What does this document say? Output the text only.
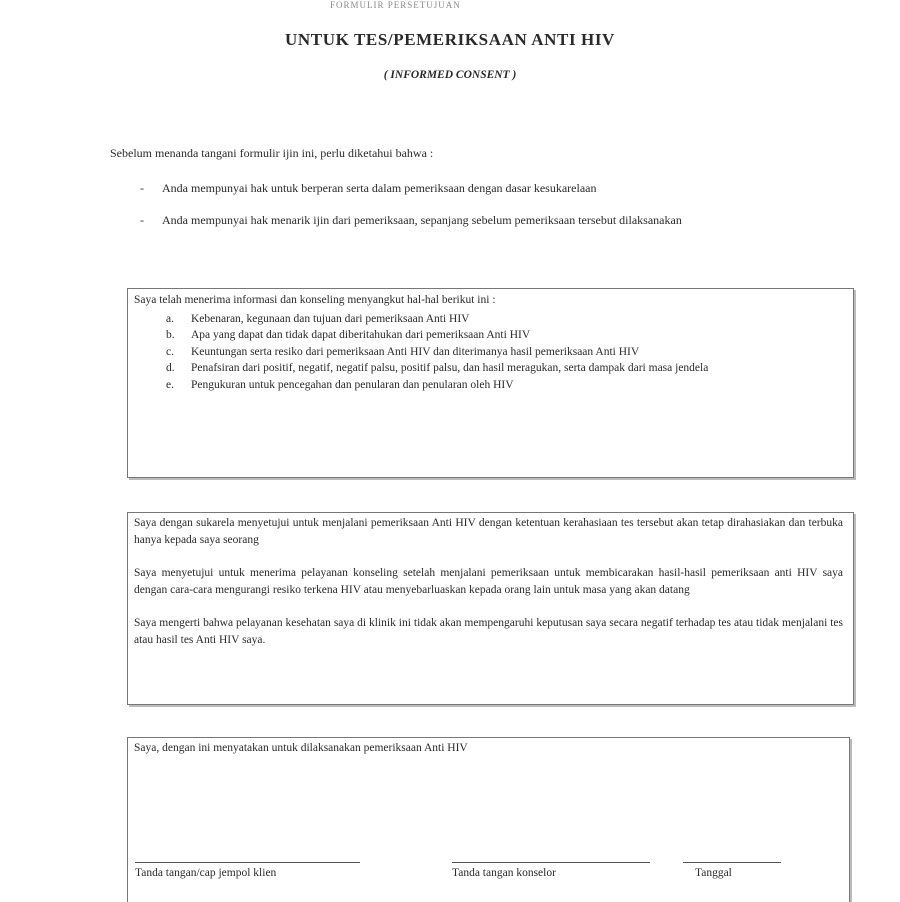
FORMULIR PERSETUJUAN
UNTUK TES/PEMERIKSAAN ANTI HIV
( INFORMED CONSENT )
Sebelum menanda tangani formulir ijin ini, perlu diketahui bahwa :
-	Anda mempunyai hak untuk berperan serta dalam pemeriksaan dengan dasar kesukarelaan
-	Anda mempunyai hak menarik ijin dari pemeriksaan, sepanjang sebelum pemeriksaan tersebut dilaksanakan
Saya telah menerima informasi dan konseling menyangkut hal-hal berikut ini :
a.	Kebenaran, kegunaan dan tujuan dari pemeriksaan Anti HIV
b.	Apa yang dapat dan tidak dapat diberitahukan dari pemeriksaan Anti HIV
c.	Keuntungan serta resiko dari pemeriksaan Anti HIV dan diterimanya hasil pemeriksaan Anti HIV
d.	Penafsiran dari positif, negatif, negatif palsu, positif palsu, dan hasil meragukan, serta dampak dari masa jendela
e.	Pengukuran untuk pencegahan dan penularan dan penularan oleh HIV

Saya dengan sukarela menyetujui untuk menjalani pemeriksaan Anti HIV dengan ketentuan kerahasiaan tes tersebut akan tetap dirahasiakan dan terbuka hanya kepada saya seorang

Saya menyetujui untuk menerima pelayanan konseling setelah menjalani pemeriksaan untuk membicarakan hasil-hasil pemeriksaan anti HIV saya dengan cara-cara mengurangi resiko terkena HIV atau menyebarluaskan kepada orang lain untuk masa yang akan datang

Saya mengerti bahwa pelayanan kesehatan saya di klinik ini tidak akan mempengaruhi keputusan saya secara negatif terhadap tes atau tidak menjalani tes atau hasil tes Anti HIV saya.

Saya, dengan ini menyatakan untuk dilaksanakan pemeriksaan Anti HIV
Tanda tangan/cap jempol klien	Tanda tangan konselor	Tanggal
